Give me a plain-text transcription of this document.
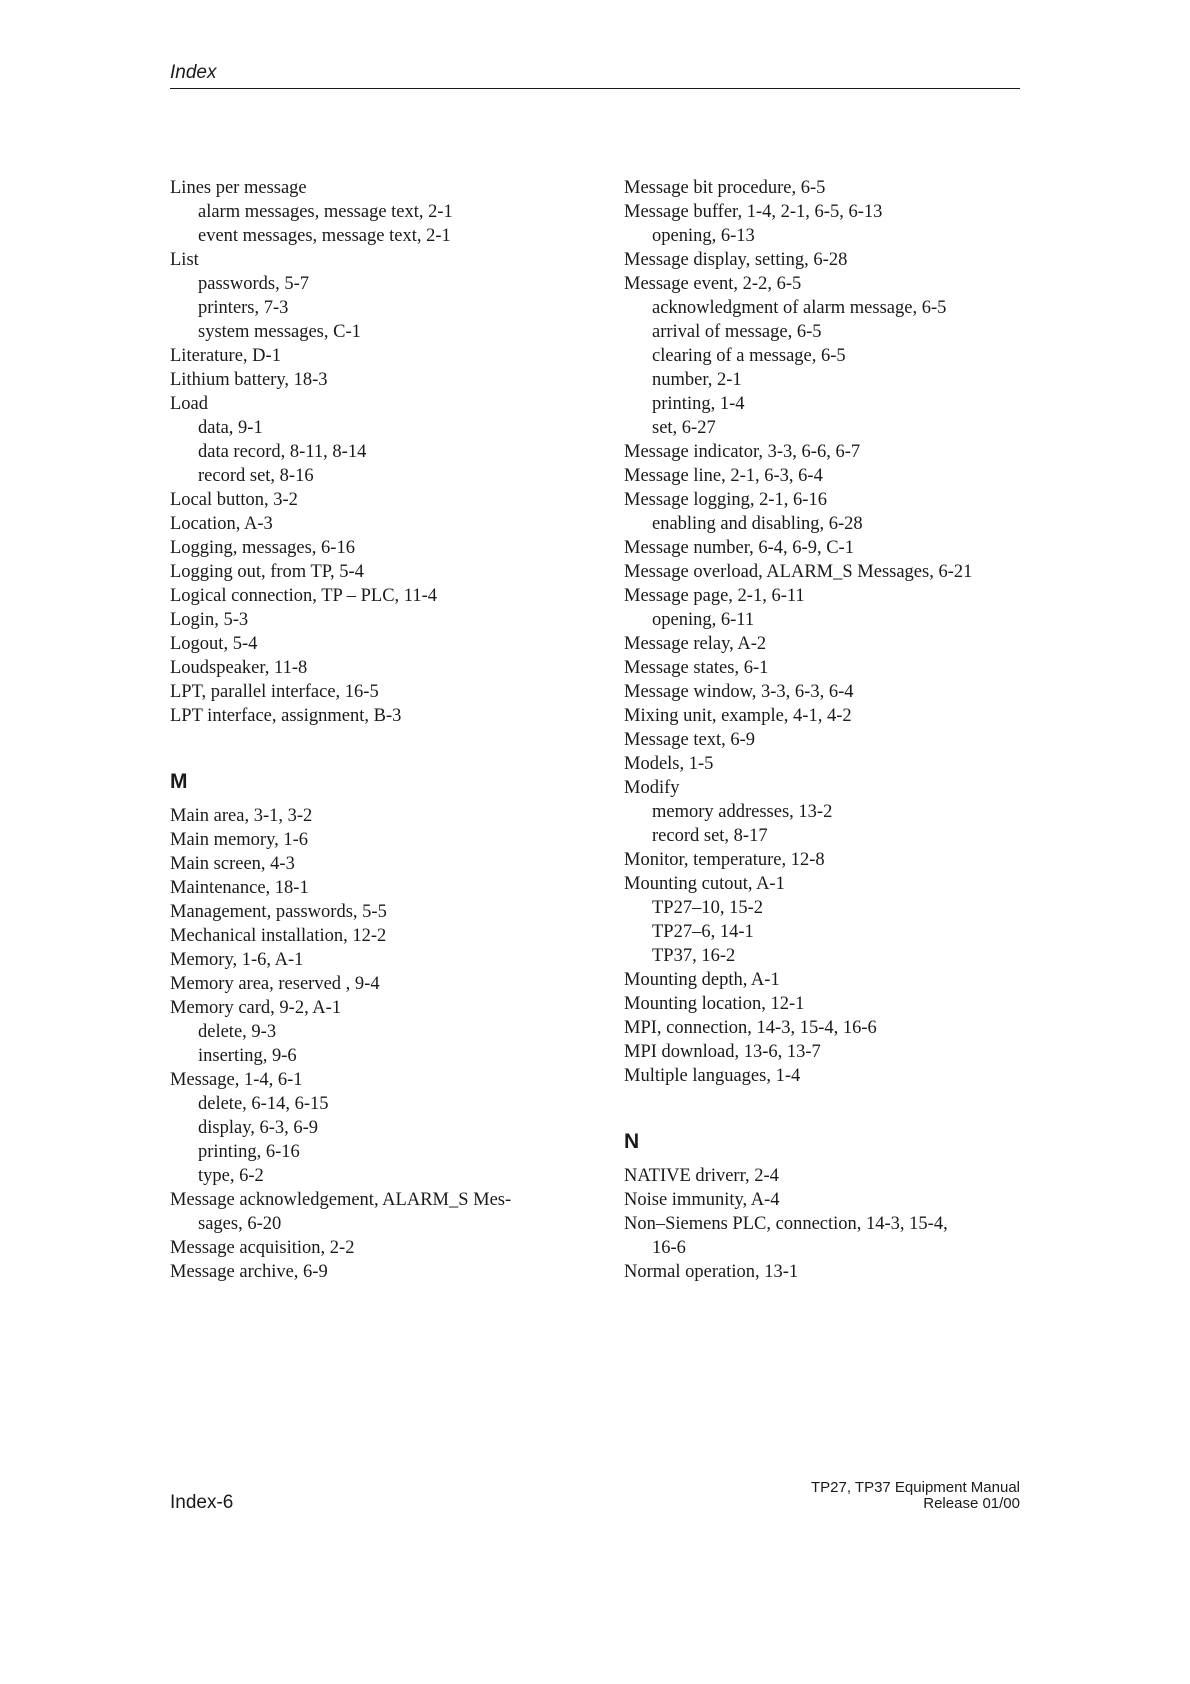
Index
Lines per message
alarm messages, message text, 2-1
event messages, message text, 2-1
List
passwords, 5-7
printers, 7-3
system messages, C-1
Literature, D-1
Lithium battery, 18-3
Load
data, 9-1
data record, 8-11, 8-14
record set, 8-16
Local button, 3-2
Location, A-3
Logging, messages, 6-16
Logging out, from TP, 5-4
Logical connection, TP – PLC, 11-4
Login, 5-3
Logout, 5-4
Loudspeaker, 11-8
LPT, parallel interface, 16-5
LPT interface, assignment, B-3
M
Main area, 3-1, 3-2
Main memory, 1-6
Main screen, 4-3
Maintenance, 18-1
Management, passwords, 5-5
Mechanical installation, 12-2
Memory, 1-6, A-1
Memory area, reserved , 9-4
Memory card, 9-2, A-1
delete, 9-3
inserting, 9-6
Message, 1-4, 6-1
delete, 6-14, 6-15
display, 6-3, 6-9
printing, 6-16
type, 6-2
Message acknowledgement, ALARM_S Mes-
sages, 6-20
Message acquisition, 2-2
Message archive, 6-9
Message bit procedure, 6-5
Message buffer, 1-4, 2-1, 6-5, 6-13
opening, 6-13
Message display, setting, 6-28
Message event, 2-2, 6-5
acknowledgment of alarm message, 6-5
arrival of message, 6-5
clearing of a message, 6-5
number, 2-1
printing, 1-4
set, 6-27
Message indicator, 3-3, 6-6, 6-7
Message line, 2-1, 6-3, 6-4
Message logging, 2-1, 6-16
enabling and disabling, 6-28
Message number, 6-4, 6-9, C-1
Message overload, ALARM_S Messages, 6-21
Message page, 2-1, 6-11
opening, 6-11
Message relay, A-2
Message states, 6-1
Message window, 3-3, 6-3, 6-4
Mixing unit, example, 4-1, 4-2
Message text, 6-9
Models, 1-5
Modify
memory addresses, 13-2
record set, 8-17
Monitor, temperature, 12-8
Mounting cutout, A-1
TP27–10, 15-2
TP27–6, 14-1
TP37, 16-2
Mounting depth, A-1
Mounting location, 12-1
MPI, connection, 14-3, 15-4, 16-6
MPI download, 13-6, 13-7
Multiple languages, 1-4
N
NATIVE driverr, 2-4
Noise immunity, A-4
Non–Siemens PLC, connection, 14-3, 15-4,
16-6
Normal operation, 13-1
Index-6
TP27, TP37 Equipment Manual
Release 01/00
